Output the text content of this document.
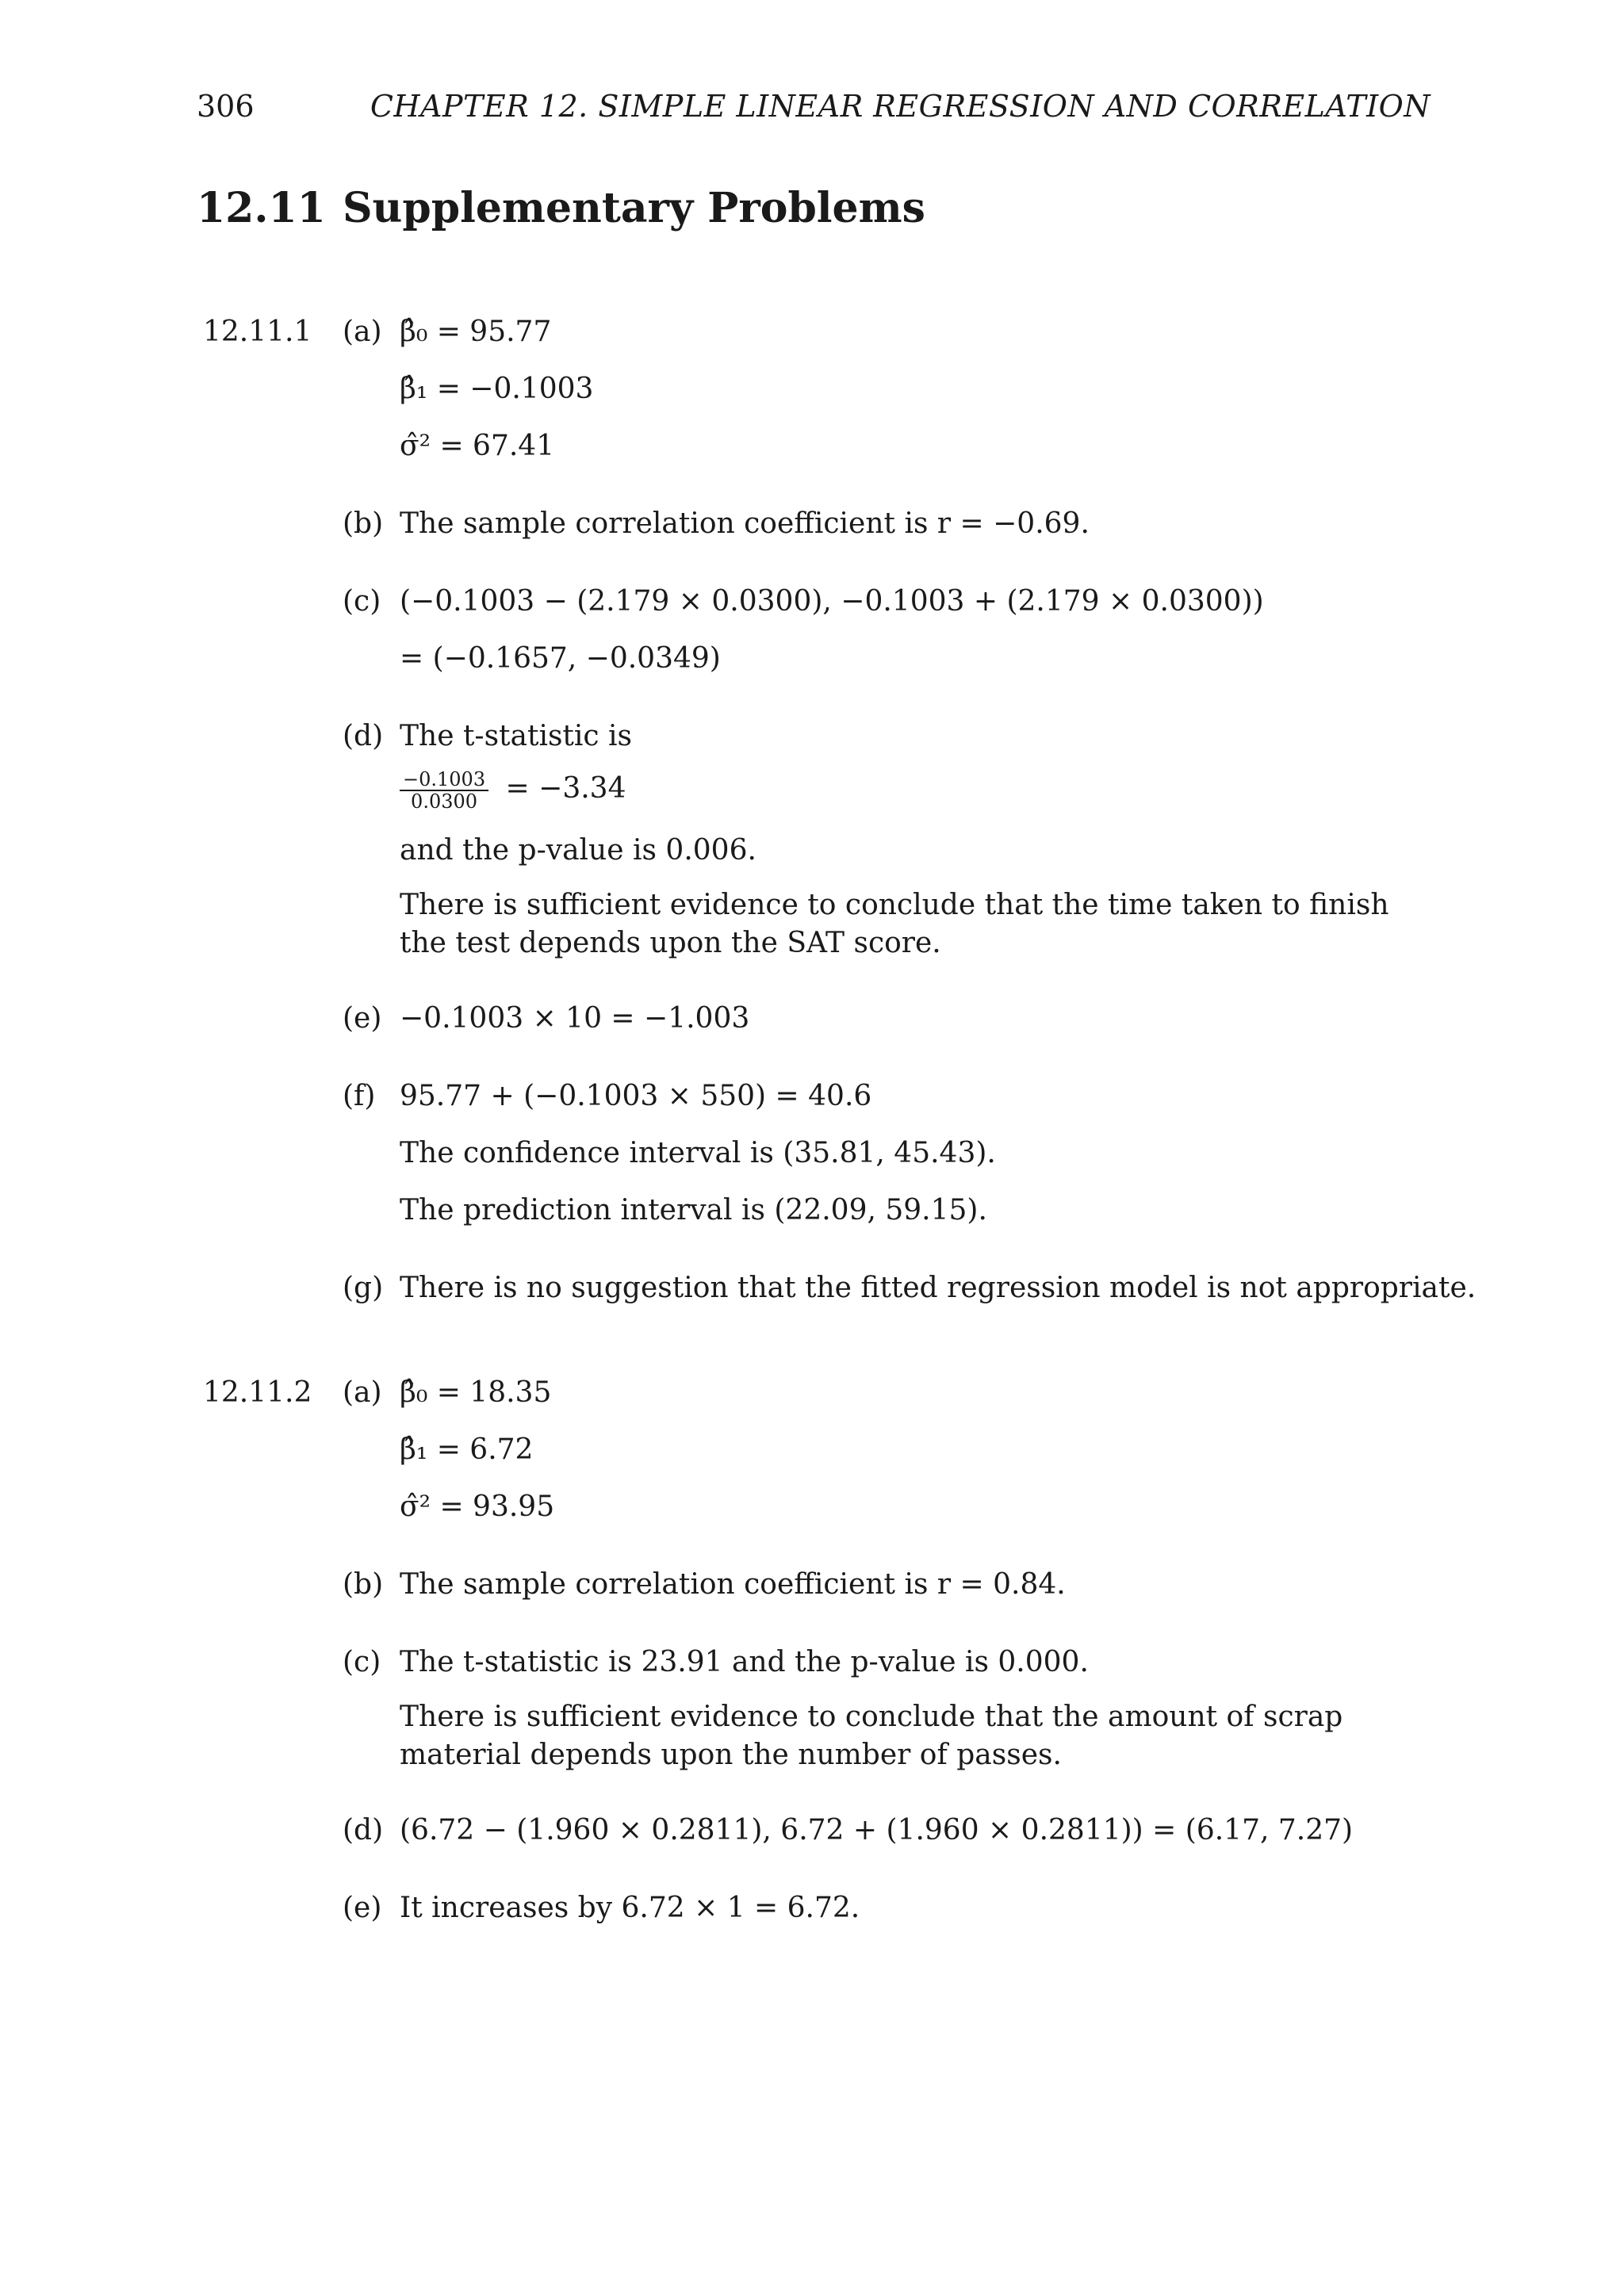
306	CHAPTER 12. SIMPLE LINEAR REGRESSION AND CORRELATION
12.11 Supplementary Problems
12.11.1 (a) β̂₀ = 95.77
β̂₁ = −0.1003
σ̂² = 67.41
(b) The sample correlation coefficient is r = −0.69.
(c) (−0.1003 − (2.179 × 0.0300), −0.1003 + (2.179 × 0.0300))
= (−0.1657, −0.0349)
(d) The t-statistic is
$\frac{-0.1003}{0.0300} = -3.34$
and the p-value is 0.006.
There is sufficient evidence to conclude that the time taken to finish the test depends upon the SAT score.
(e) −0.1003 × 10 = −1.003
(f) 95.77 + (−0.1003 × 550) = 40.6
The confidence interval is (35.81, 45.43).
The prediction interval is (22.09, 59.15).
(g) There is no suggestion that the fitted regression model is not appropriate.
12.11.2 (a) β̂₀ = 18.35
β̂₁ = 6.72
σ̂² = 93.95
(b) The sample correlation coefficient is r = 0.84.
(c) The t-statistic is 23.91 and the p-value is 0.000.
There is sufficient evidence to conclude that the amount of scrap material depends upon the number of passes.
(d) (6.72 − (1.960 × 0.2811), 6.72 + (1.960 × 0.2811)) = (6.17, 7.27)
(e) It increases by 6.72 × 1 = 6.72.
